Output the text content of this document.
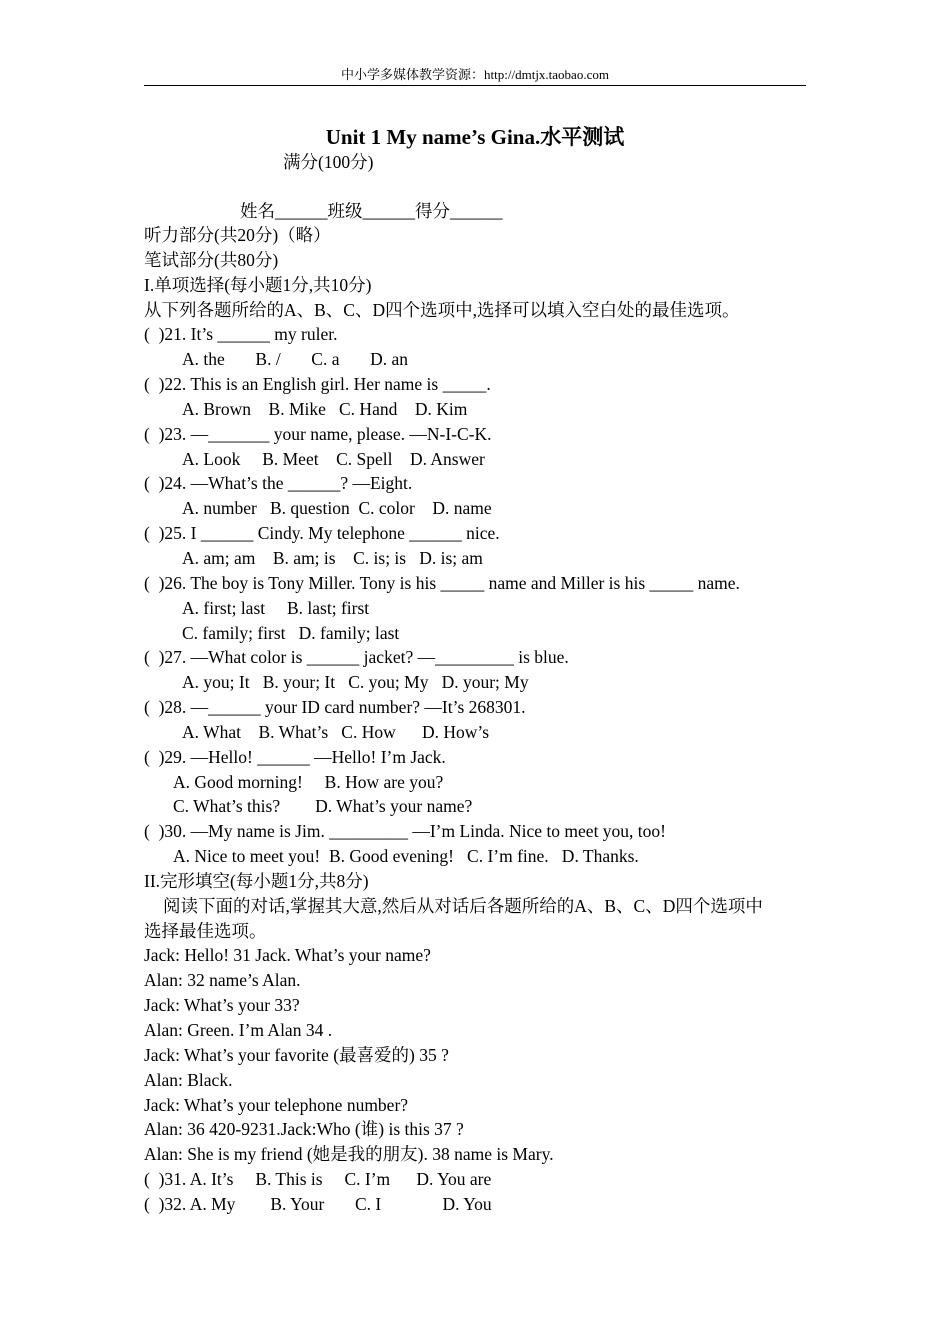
中小学多媒体教学资源：http://dmtjx.taobao.com
Unit 1 My name’s Gina.水平测试
满分(100分)
姓名______班级______得分______
听力部分(共20分)（略）
笔试部分(共80分)
I.单项选择(每小题1分,共10分)
从下列各题所给的A、B、C、D四个选项中,选择可以填入空白处的最佳选项。
(  )21. It’s ______ my ruler.
A. the       B. /       C. a       D. an
(  )22. This is an English girl. Her name is _____.
A. Brown    B. Mike   C. Hand    D. Kim
(  )23. —_______ your name, please. —N-I-C-K.
A. Look     B. Meet    C. Spell    D. Answer
(  )24. —What’s the ______? —Eight.
A. number   B. question  C. color    D. name
(  )25. I ______ Cindy. My telephone ______ nice.
A. am; am    B. am; is    C. is; is   D. is; am
(  )26. The boy is Tony Miller. Tony is his _____ name and Miller is his _____ name.
A. first; last     B. last; first
C. family; first   D. family; last
(  )27. —What color is ______ jacket? —_________ is blue.
A. you; It   B. your; It   C. you; My   D. your; My
(  )28. —______ your ID card number? —It’s 268301.
A. What    B. What’s   C. How      D. How’s
(  )29. —Hello! ______ —Hello! I’m Jack.
A. Good morning!     B. How are you?
C. What’s this?        D. What’s your name?
(  )30. —My name is Jim. _________ —I’m Linda. Nice to meet you, too!
A. Nice to meet you!  B. Good evening!   C. I’m fine.   D. Thanks.
II.完形填空(每小题1分,共8分)
阅读下面的对话,掌握其大意,然后从对话后各题所给的A、B、C、D四个选项中
选择最佳选项。
Jack: Hello! 31 Jack. What’s your name?
Alan: 32 name’s Alan.
Jack: What’s your 33?
Alan: Green. I’m Alan 34 .
Jack: What’s your favorite (最喜爱的) 35 ?
Alan: Black.
Jack: What’s your telephone number?
Alan: 36 420-9231.Jack:Who (谁) is this 37 ?
Alan: She is my friend (她是我的朋友). 38 name is Mary.
(  )31. A. It’s     B. This is     C. I’m      D. You are
(  )32. A. My        B. Your       C. I              D. You
